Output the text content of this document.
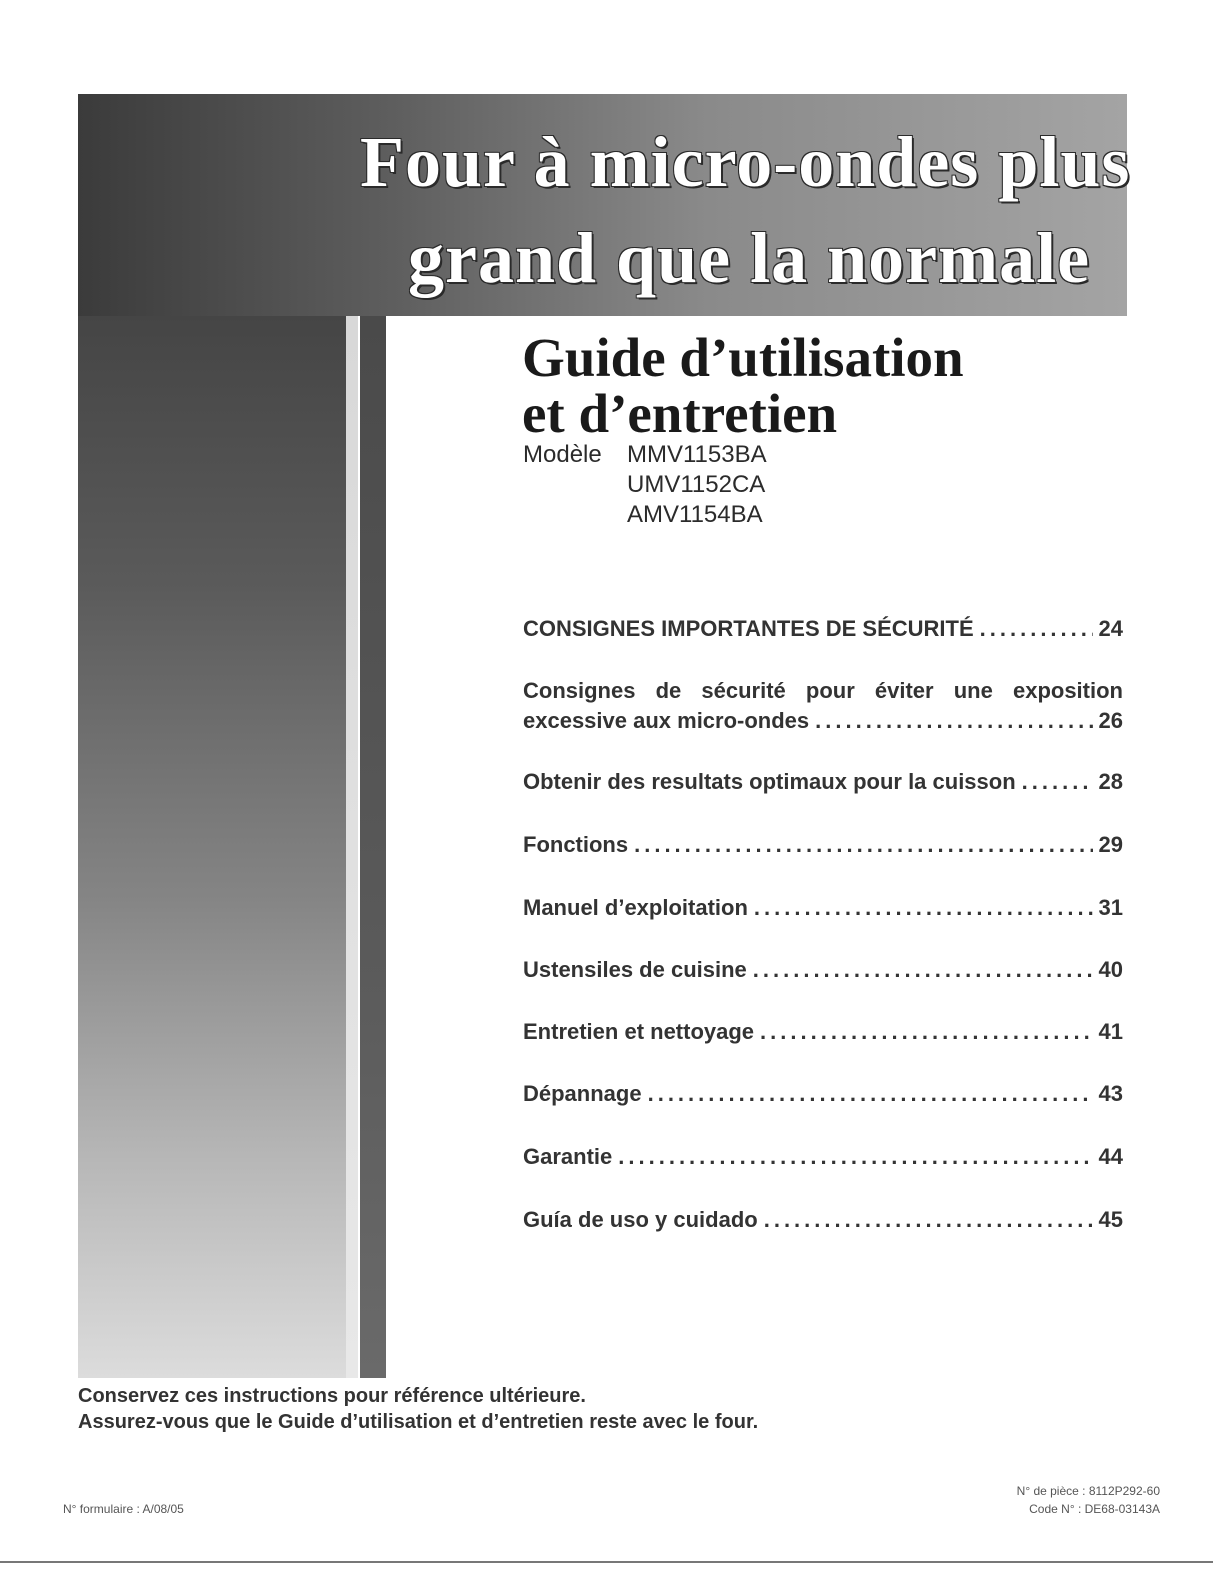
Four à micro-ondes plus
grand que la normale
Guide d’utilisation
et d’entretien
Modèle	MMV1153BA
UMV1152CA
AMV1154BA
CONSIGNES IMPORTANTES DE SÉCURITÉ .....	24
Consignes de sécurité pour éviter une exposition
excessive aux micro-ondes .....	26
Obtenir des resultats optimaux pour la cuisson .....	28
Fonctions .....	29
Manuel d’exploitation .....	31
Ustensiles de cuisine .....	40
Entretien et nettoyage .....	41
Dépannage .....	43
Garantie .....	44
Guía de uso y cuidado .....	45
Conservez ces instructions pour référence ultérieure.
Assurez-vous que le Guide d’utilisation et d’entretien reste avec le four.
N° formulaire : A/08/05
N° de pièce : 8112P292-60
Code N° : DE68-03143A
